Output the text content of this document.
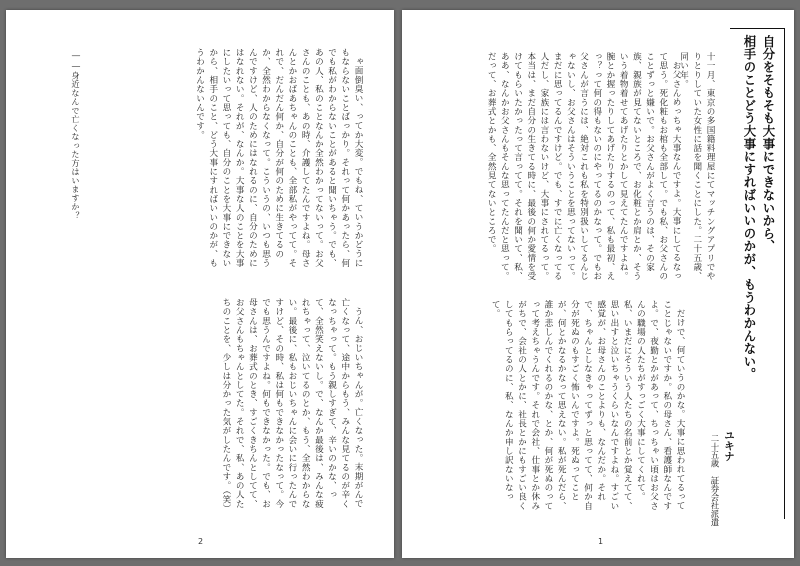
ゃ面倒臭い、ってか大変。でもね、ていうかどうにもならないことばっかり。それって何かあったら、何でも私がわからないことがあると聞いちゃう。でも、あの人、私のことなんか全然わかってないって。お父さんのことも、あの時、介護してたんですよね。母さんとかおばあちゃんのことも、全部私がやってて。それで、だんだん何か、自分が何のために生きてるのか、全然わからなくなって。こういうの、いつも思うんですけど、人のためにはなれるのに、自分のためにはなれない。それが、なんか。大事な人のことを大事にしたいって思っても、自分のことを大事にできないから、相手のこと、どう大事にすればいいのかが、もうわかんないんです。

――身近なんで亡くなった方はいますか？

うん、おじいちゃんが。亡くなった。末期がんで亡くなって、途中からもう、みんな見てるのが辛くなっちゃって。もう親しすぎて、辛いのかな、って、全然笑えないし。で、なんか最後は、みんな疲れちゃって、泣いてるのとか、もう、全然わからない。最後に、私もおじいちゃんに会いに行ったんですけど、その時、私は何もできなかったなって。今でも思うんですよね。何もできなかった。でも、お母さんは、お葬式のとき、すごくきちんとしてて、お父さんもちゃんとしてた。それで、私、あの人たちのことを、少しは分かった気がしたんです。（笑）

2
自分をそもそも大事にできないから、
相手のことどう大事にすればいいのかが、もうわかんない。

十一月、東京の多国籍料理屋にてマッチングアプリでやりとりしていた女性に話を聞くことにした。二十五歳、同い年。

お父さんめっちゃ大事なんですよ。大事にしてるなって思う。死化粧もお棺も全部して。でも私、お父さんのことずっと嫌いで。お父さんがよく言うのは、その家族、親族が見てないところで、お化粧とか肩とか、そういう着物着せてあげたりとかして見えてたんですよね。腕とか握ったりしてあげたりするのって、私も最初、えっ？って何の得もないのにやってるのかなって。でもお父さんが言うには、絶対これも私を特別扱いしてるんじゃないし、お父さんはそういうことを思ってないって。まだに思ってるんですけど。でも、すでに亡くなってる人だし、家族には言わないけど、大事にされてるって。本当は、まだ自分の生きてる時に、最後の何か愛情を受けてもらいたかったって言ってて。それを聞いて、私、ああ、なんかお父さんもそんな思ってたんだと思って。だって、お葬式とかも、全然見てないところで。

だけで、何ていうのかな。大事に思われてるってことじゃないですか。私の母さん、看護師なんですよ。で、夜勤とかがあって、ちっちゃい頃はお父さんの職場の人たちがすっごく大事にしてくれて。私、いまだにそういう人たちの名前とか覚えてて、思い出すと泣いちゃうくらいなんですよね。すごい感覚が、お母さんのことよりも、なんだか。それで、ちゃんとしなきゃってずっと思ってて、何か自分が死ぬのもすごく怖いんですよ。死ぬってことが、何とかなるかなって思えない。私が死んだら、誰か悲しんでくれるのかな、とか、何が死ぬのってって考えちゃうんです。それで会社、仕事とか休みがちで、会社の人とかに、社長とかにもすごい良くしてもらってるのに、私、なんか申し訳ないなって。

ユキナ
二十五歳　証券会社派遣
1
